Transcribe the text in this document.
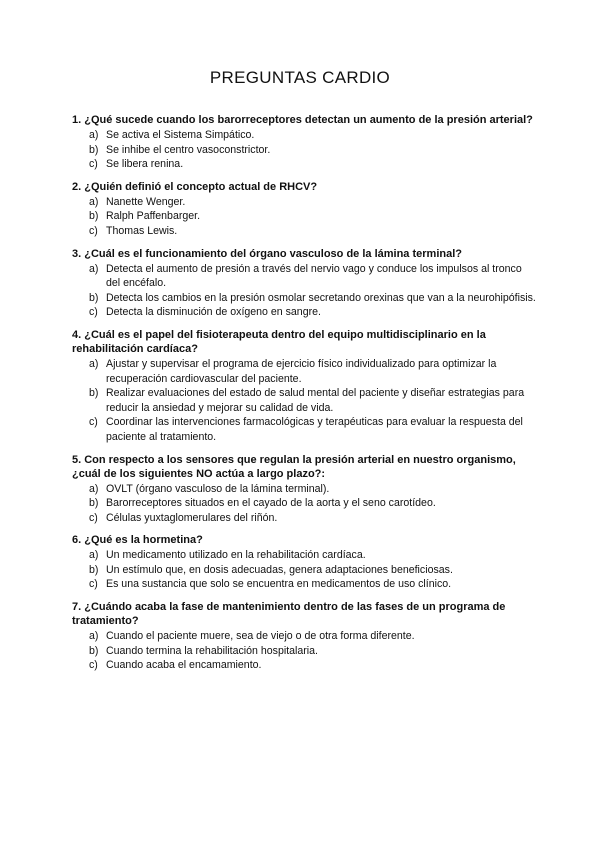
PREGUNTAS CARDIO

1. ¿Qué sucede cuando los barorreceptores detectan un aumento de la presión arterial?

a) Se activa el Sistema Simpático.
b) Se inhibe el centro vasoconstrictor.
c) Se libera renina.

2. ¿Quién definió el concepto actual de RHCV?

a) Nanette Wenger.
b) Ralph Paffenbarger.
c) Thomas Lewis.

3. ¿Cuál es el funcionamiento del órgano vasculoso de la lámina terminal?

a) Detecta el aumento de presión a través del nervio vago y conduce los impulsos al tronco del encéfalo.
b) Detecta los cambios en la presión osmolar secretando orexinas que van a la neurohipófisis.
c) Detecta la disminución de oxígeno en sangre.

4. ¿Cuál es el papel del fisioterapeuta dentro del equipo multidisciplinario en la rehabilitación cardíaca?

a) Ajustar y supervisar el programa de ejercicio físico individualizado para optimizar la recuperación cardiovascular del paciente.
b) Realizar evaluaciones del estado de salud mental del paciente y diseñar estrategias para reducir la ansiedad y mejorar su calidad de vida.
c) Coordinar las intervenciones farmacológicas y terapéuticas para evaluar la respuesta del paciente al tratamiento.

5. Con respecto a los sensores que regulan la presión arterial en nuestro organismo, ¿cuál de los siguientes NO actúa a largo plazo?:

a) OVLT (órgano vasculoso de la lámina terminal).
b) Barorreceptores situados en el cayado de la aorta y el seno carotídeo.
c) Células yuxtaglomerulares del riñón.

6. ¿Qué es la hormetina?

a) Un medicamento utilizado en la rehabilitación cardíaca.
b) Un estímulo que, en dosis adecuadas, genera adaptaciones beneficiosas.
c) Es una sustancia que solo se encuentra en medicamentos de uso clínico.

7. ¿Cuándo acaba la fase de mantenimiento dentro de las fases de un programa de tratamiento?

a) Cuando el paciente muere, sea de viejo o de otra forma diferente.
b) Cuando termina la rehabilitación hospitalaria.
c) Cuando acaba el encamamiento.
